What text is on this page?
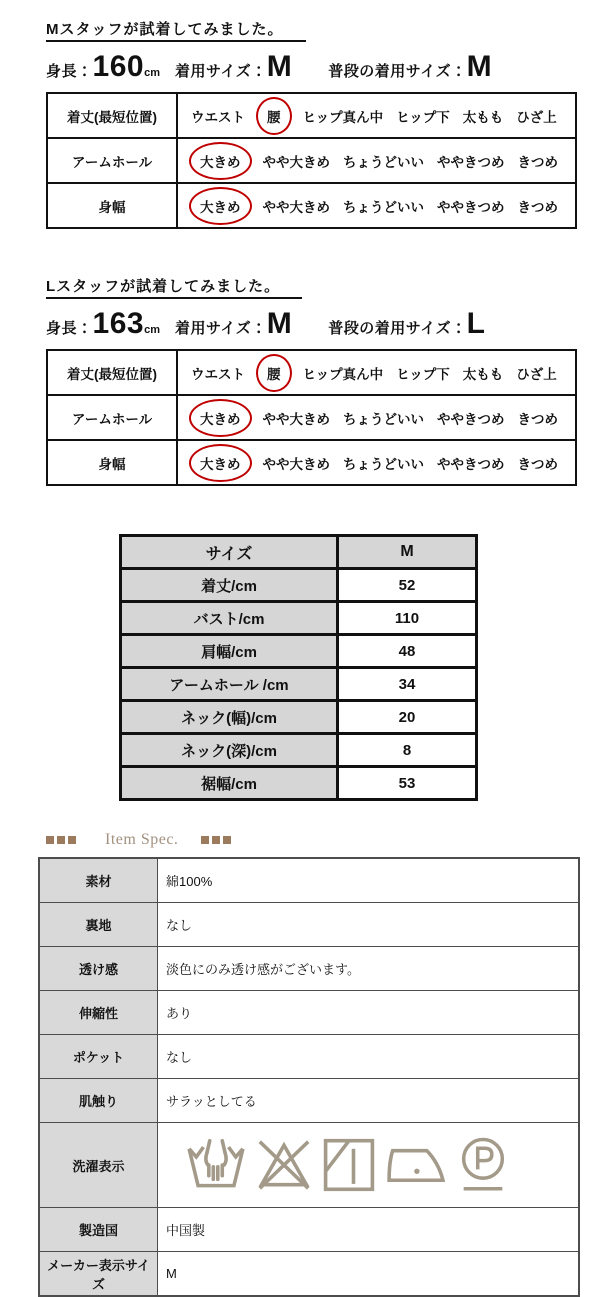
Mスタッフが試着してみました。
身長： 160 cm 着用サイズ： M 普段の着用サイズ： M
着丈(最短位置)	ウエスト 腰 ヒップ真ん中 ヒップ下 太もも ひざ上

アームホール	大きめ やや大きめ ちょうどいい ややきつめ きつめ

身幅	大きめ やや大きめ ちょうどいい ややきつめ きつめ
Lスタッフが試着してみました。
身長： 163 cm 着用サイズ： M 普段の着用サイズ： L
着丈(最短位置)	ウエスト 腰 ヒップ真ん中 ヒップ下 太もも ひざ上

アームホール	大きめ やや大きめ ちょうどいい ややきつめ きつめ

身幅	大きめ やや大きめ ちょうどいい ややきつめ きつめ
サイズ	M
着丈/cm	52
バスト/cm	110
肩幅/cm	48
アームホール /cm	34
ネック(幅)/cm	20
ネック(深)/cm	8
裾幅/cm	53
Item Spec.
素材	綿100%
裏地	なし
透け感	淡色にのみ透け感がございます。
伸縮性	あり
ポケット	なし
肌触り	サラッとしてる
洗濯表示	

製造国	中国製
メーカー表示サイズ	M
